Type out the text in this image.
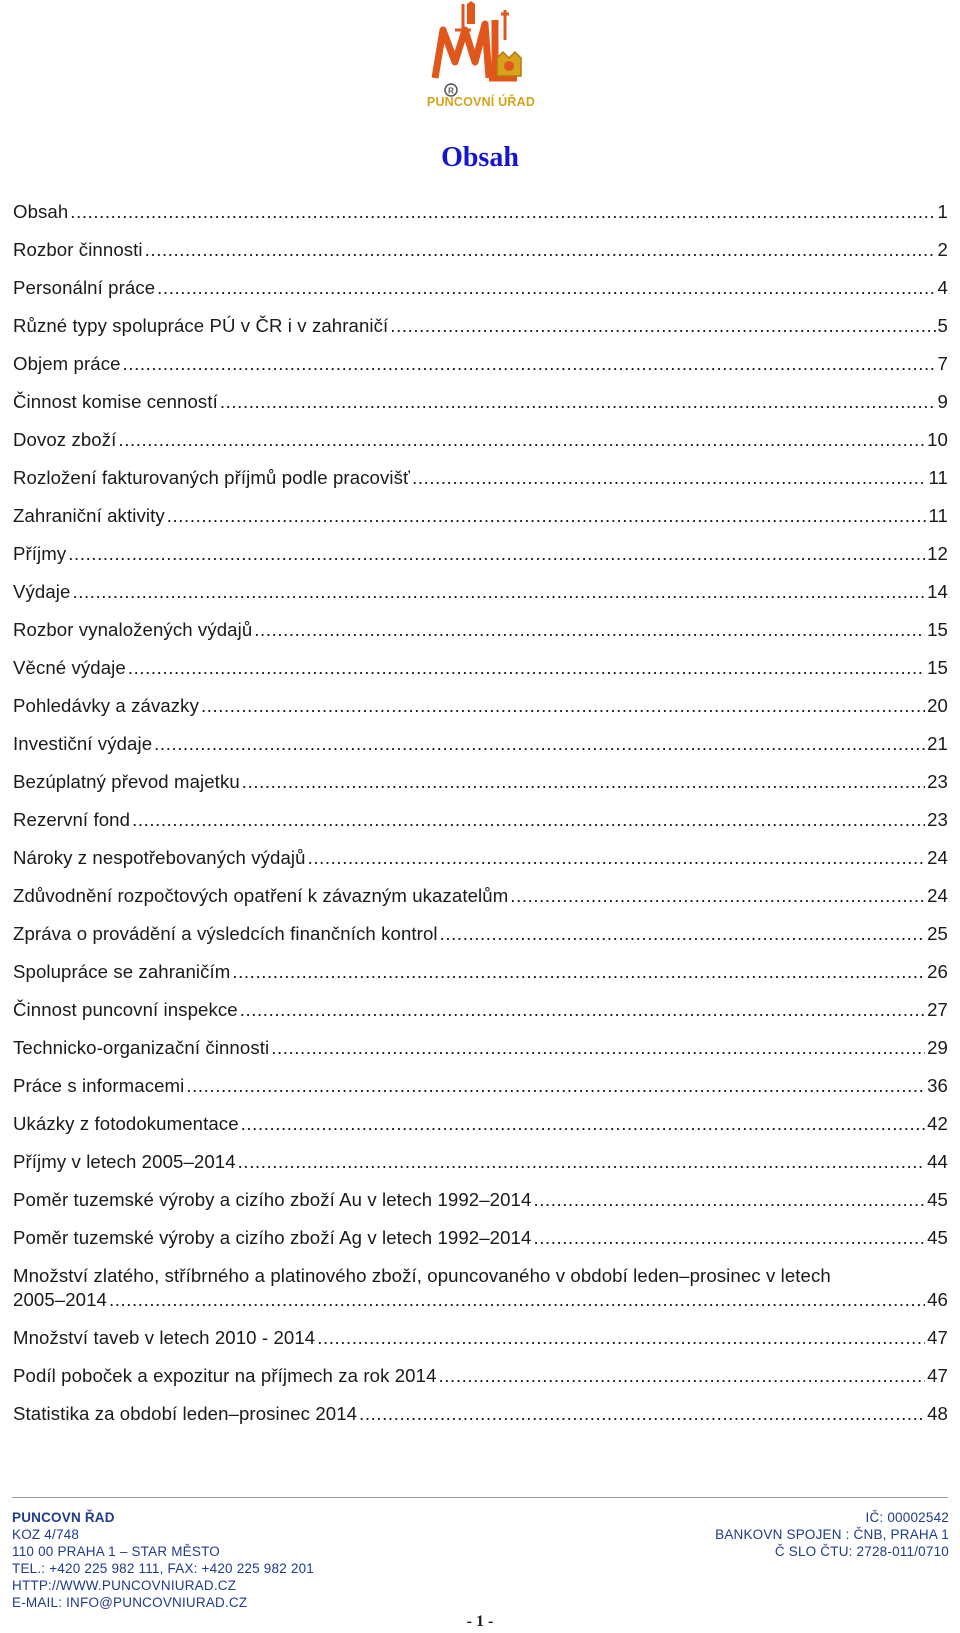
R
PUNCOVNÍ ÚŘAD
Obsah
Obsah .....	1
Rozbor činnosti .....	2
Personální práce .....	4
Různé typy spolupráce PÚ v ČR i v zahraničí .....	5
Objem práce .....	7
Činnost komise cenností .....	9
Dovoz zboží .....	10
Rozložení fakturovaných příjmů podle pracovišť .....	11
Zahraniční aktivity .....	11
Příjmy .....	12
Výdaje .....	14
Rozbor vynaložených výdajů .....	15
Věcné výdaje .....	15
Pohledávky a závazky .....	20
Investiční výdaje .....	21
Bezúplatný převod majetku .....	23
Rezervní fond .....	23
Nároky z nespotřebovaných výdajů .....	24
Zdůvodnění rozpočtových opatření k závazným ukazatelům .....	24
Zpráva o provádění a výsledcích finančních kontrol .....	25
Spolupráce se zahraničím .....	26
Činnost puncovní inspekce .....	27
Technicko-organizační činnosti .....	29
Práce s informacemi .....	36
Ukázky z fotodokumentace .....	42
Příjmy v letech 2005–2014 .....	44
Poměr tuzemské výroby a cizího zboží Au v letech 1992–2014 .....	45
Poměr tuzemské výroby a cizího zboží Ag v letech 1992–2014 .....	45
Množství zlatého, stříbrného a platinového zboží, opuncovaného v období leden–prosinec v letech
2005–2014 .....	46
Množství taveb v letech 2010 - 2014 .....	47
Podíl poboček a expozitur na příjmech za rok 2014 .....	47
Statistika za období leden–prosinec 2014 .....	48
PUNCOVN ŘAD
KOZ 4/748
110 00 PRAHA 1 – STAR MĚSTO
TEL.: +420 225 982 111, FAX: +420 225 982 201
HTTP://WWW.PUNCOVNIURAD.CZ
E-MAIL: INFO@PUNCOVNIURAD.CZ
IČ: 00002542
BANKOVN SPOJEN : ČNB, PRAHA 1
Č SLO ČTU: 2728-011/0710
- 1 -
